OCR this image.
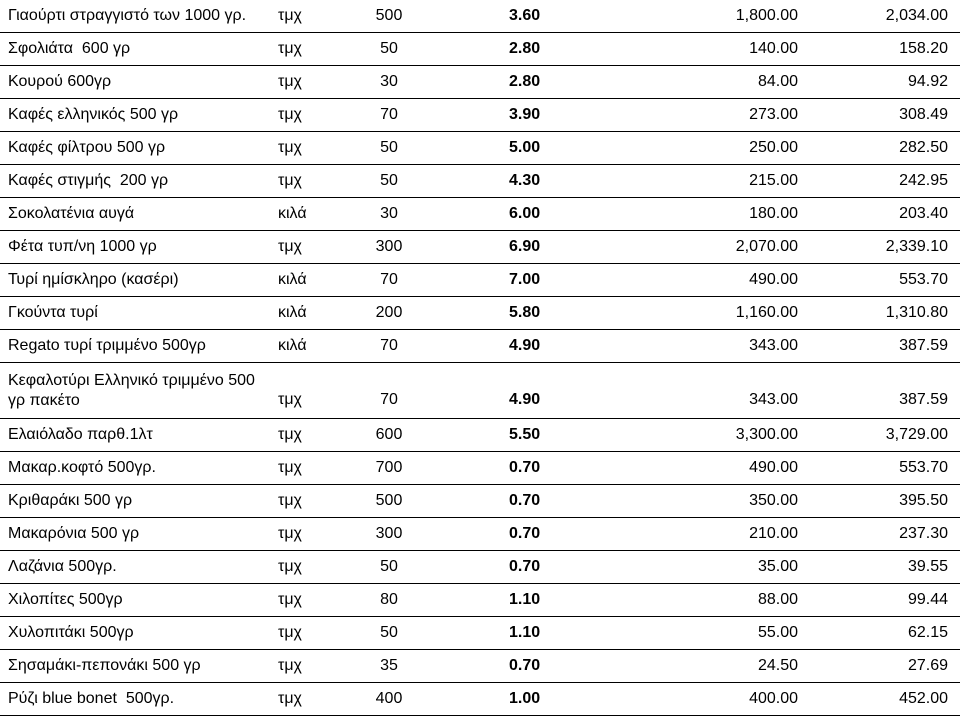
Γιαούρτι στραγγιστό των 1000 γρ.	τμχ	500	3.60	1,800.00	2,034.00
Σφολιάτα  600 γρ	τμχ	50	2.80	140.00	158.20
Κουρού 600γρ	τμχ	30	2.80	84.00	94.92
Καφές ελληνικός 500 γρ	τμχ	70	3.90	273.00	308.49
Καφές φίλτρου 500 γρ	τμχ	50	5.00	250.00	282.50
Καφές στιγμής  200 γρ	τμχ	50	4.30	215.00	242.95
Σοκολατένια αυγά	κιλά	30	6.00	180.00	203.40
Φέτα τυπ/νη 1000 γρ	τμχ	300	6.90	2,070.00	2,339.10
Τυρί ημίσκληρο (κασέρι)	κιλά	70	7.00	490.00	553.70
Γκούντα τυρί	κιλά	200	5.80	1,160.00	1,310.80
Regato τυρί τριμμένο 500γρ	κιλά	70	4.90	343.00	387.59
Κεφαλοτύρι Ελληνικό τριμμένο 500
γρ πακέτο	τμχ	70	4.90	343.00	387.59
Ελαιόλαδο παρθ.1λτ	τμχ	600	5.50	3,300.00	3,729.00
Μακαρ.κοφτό 500γρ.	τμχ	700	0.70	490.00	553.70
Κριθαράκι 500 γρ	τμχ	500	0.70	350.00	395.50
Μακαρόνια 500 γρ	τμχ	300	0.70	210.00	237.30
Λαζάνια 500γρ.	τμχ	50	0.70	35.00	39.55
Χιλοπίτες 500γρ	τμχ	80	1.10	88.00	99.44
Χυλοπιτάκι 500γρ	τμχ	50	1.10	55.00	62.15
Σησαμάκι-πεπονάκι 500 γρ	τμχ	35	0.70	24.50	27.69
Ρύζι blue bonet  500γρ.	τμχ	400	1.00	400.00	452.00
